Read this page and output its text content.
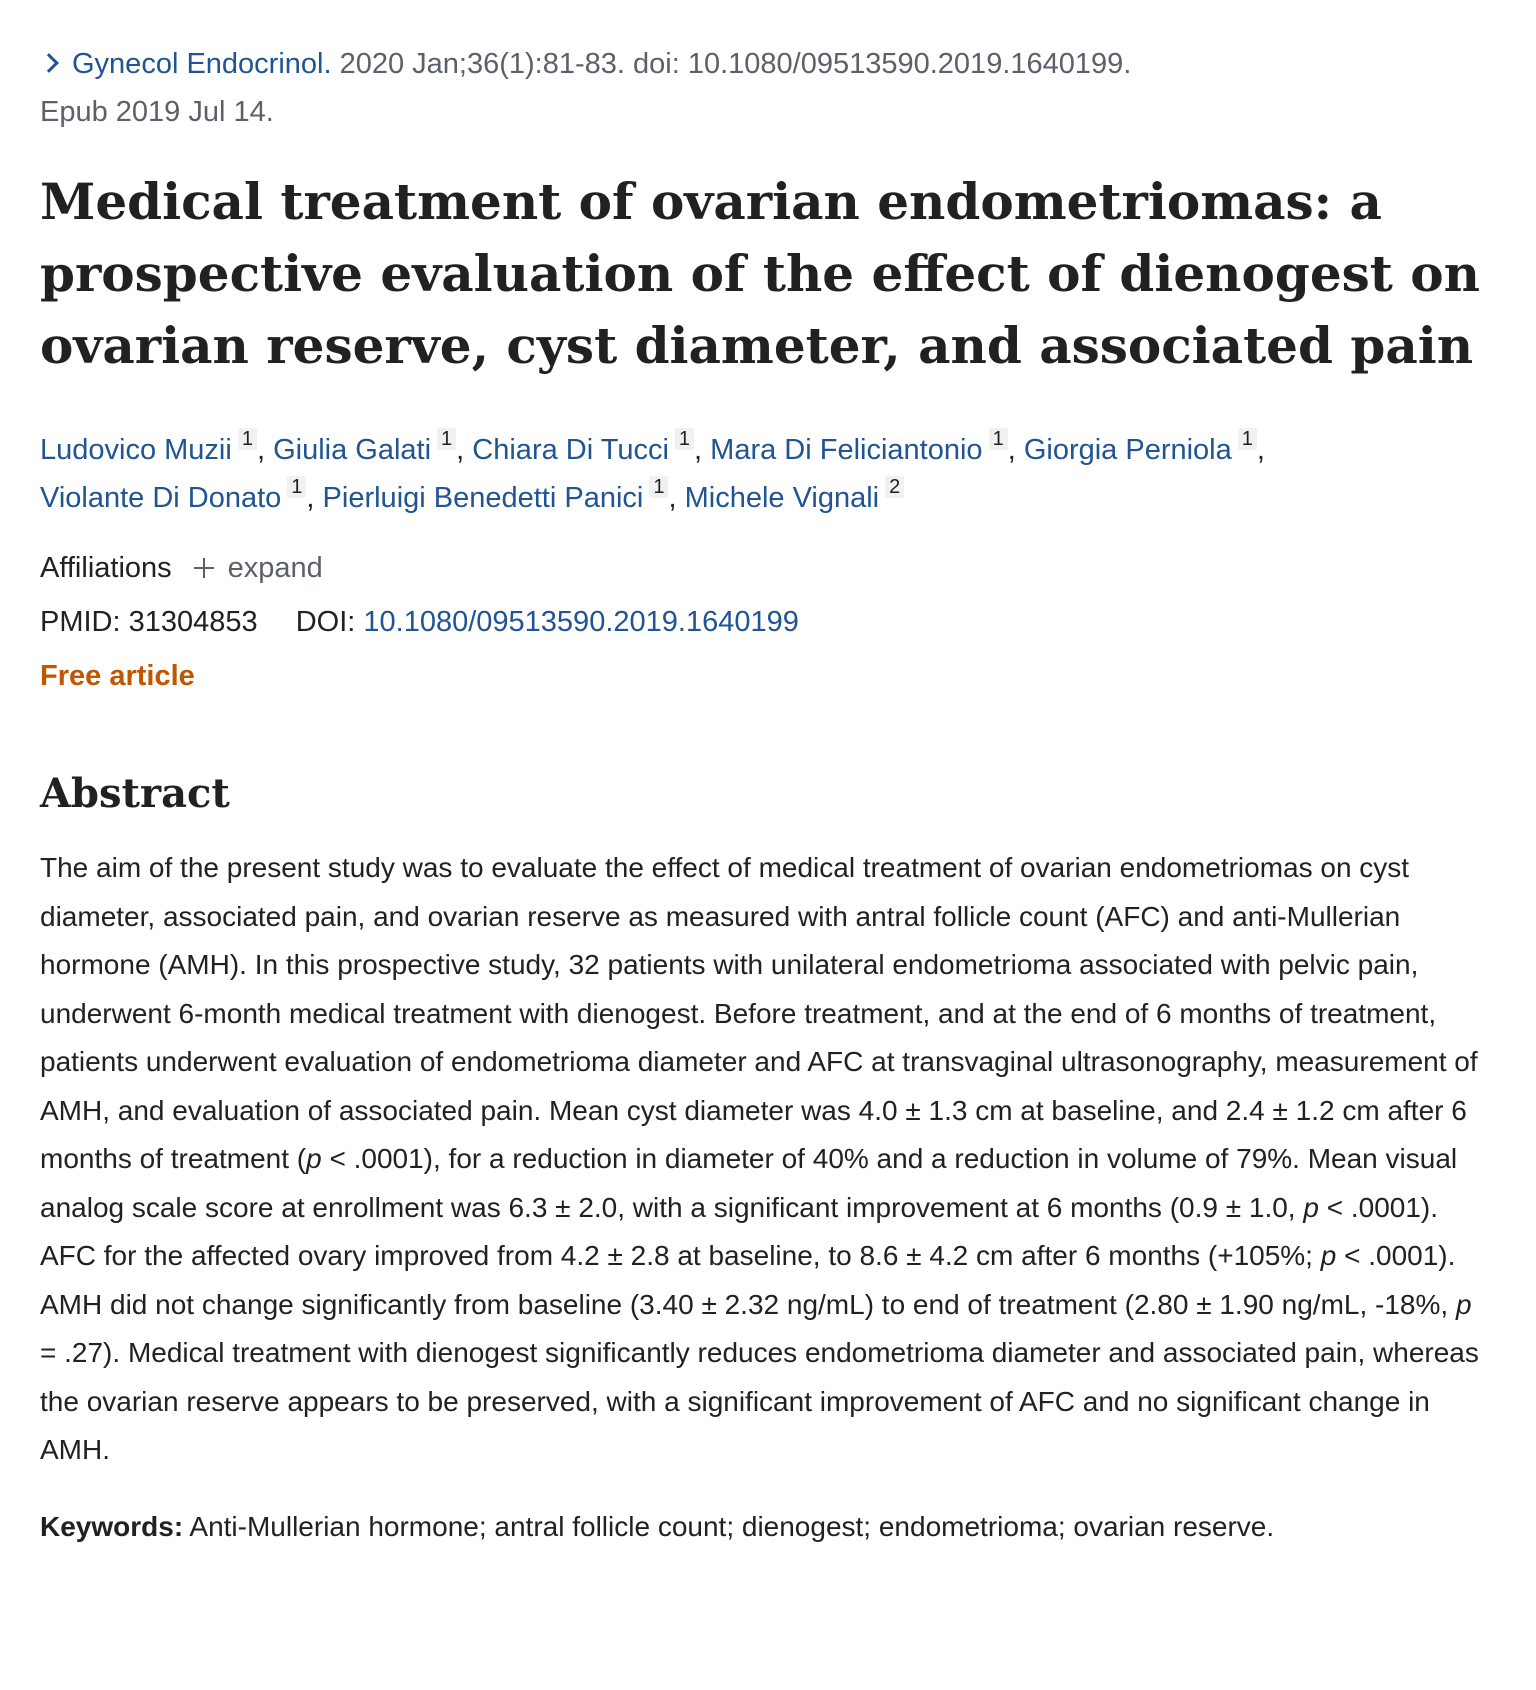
Gynecol Endocrinol. 2020 Jan;36(1):81-83. doi: 10.1080/09513590.2019.1640199.
Epub 2019 Jul 14.

Medical treatment of ovarian endometriomas: a prospective evaluation of the effect of dienogest on ovarian reserve, cyst diameter, and associated pain
Ludovico Muzii 1 , Giulia Galati 1 , Chiara Di Tucci 1 , Mara Di Feliciantonio 1 , Giorgia Perniola 1 ,
Violante Di Donato 1 , Pierluigi Benedetti Panici 1 , Michele Vignali 2
Affiliations expand
PMID: 31304853 DOI: 10.1080/09513590.2019.1640199
Free article
Abstract

The aim of the present study was to evaluate the effect of medical treatment of ovarian endometriomas on cyst diameter, associated pain, and ovarian reserve as measured with antral follicle count (AFC) and anti-Mullerian hormone (AMH). In this prospective study, 32 patients with unilateral endometrioma associated with pelvic pain, underwent 6-month medical treatment with dienogest. Before treatment, and at the end of 6 months of treatment, patients underwent evaluation of endometrioma diameter and AFC at transvaginal ultrasonography, measurement of AMH, and evaluation of associated pain. Mean cyst diameter was 4.0 ± 1.3 cm at baseline, and 2.4 ± 1.2 cm after 6 months of treatment (p < .0001), for a reduction in diameter of 40% and a reduction in volume of 79%. Mean visual analog scale score at enrollment was 6.3 ± 2.0, with a significant improvement at 6 months (0.9 ± 1.0, p < .0001). AFC for the affected ovary improved from 4.2 ± 2.8 at baseline, to 8.6 ± 4.2 cm after 6 months (+105%; p < .0001). AMH did not change significantly from baseline (3.40 ± 2.32 ng/mL) to end of treatment (2.80 ± 1.90 ng/mL, -18%, p = .27). Medical treatment with dienogest significantly reduces endometrioma diameter and associated pain, whereas the ovarian reserve appears to be preserved, with a significant improvement of AFC and no significant change in AMH.

Keywords: Anti-Mullerian hormone; antral follicle count; dienogest; endometrioma; ovarian reserve.
